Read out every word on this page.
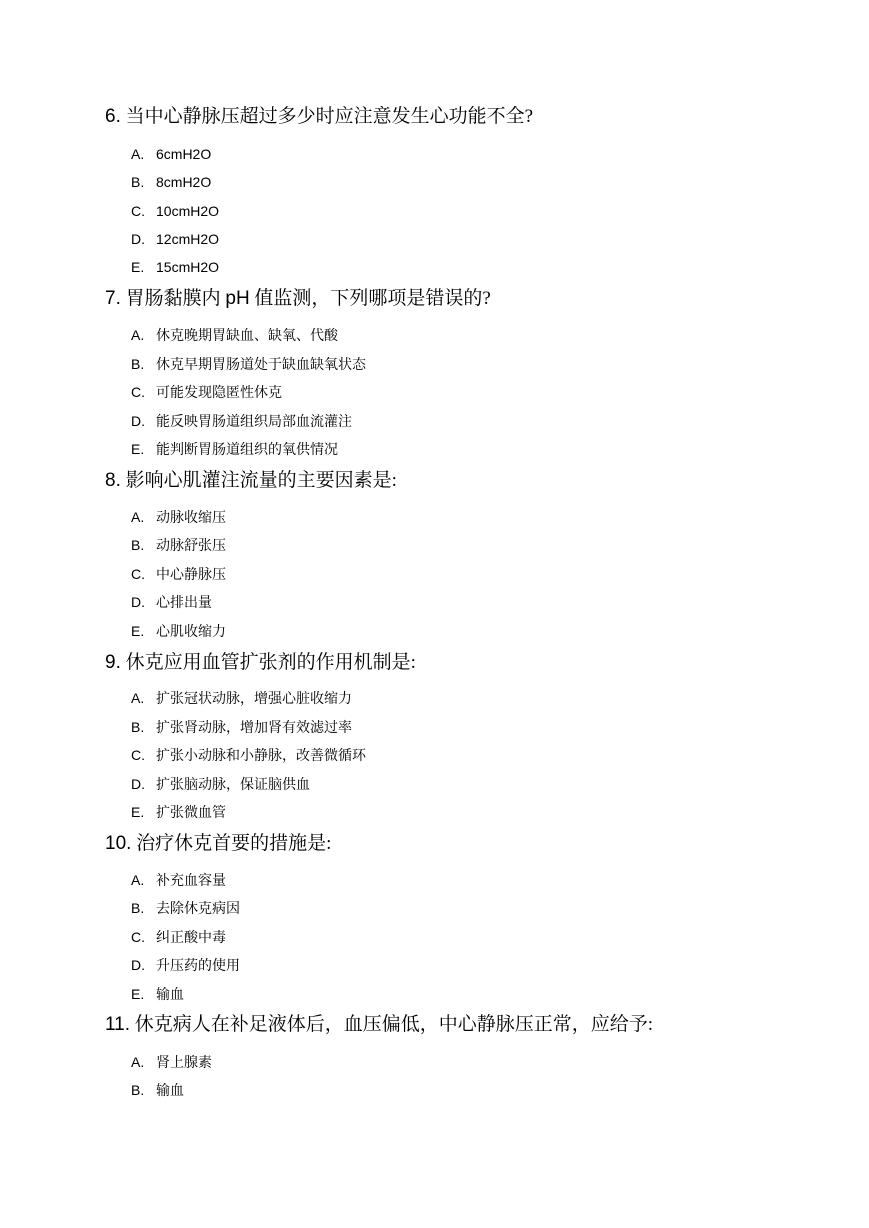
6. 当中心静脉压超过多少时应注意发生心功能不全?
A. 6cmH2O
B. 8cmH2O
C. 10cmH2O
D. 12cmH2O
E. 15cmH2O
7. 胃肠黏膜内 pH 值监测，下列哪项是错误的?
A. 休克晚期胃缺血、缺氧、代酸
B. 休克早期胃肠道处于缺血缺氧状态
C. 可能发现隐匿性休克
D. 能反映胃肠道组织局部血流灌注
E. 能判断胃肠道组织的氧供情况
8. 影响心肌灌注流量的主要因素是:
A. 动脉收缩压
B. 动脉舒张压
C. 中心静脉压
D. 心排出量
E. 心肌收缩力
9. 休克应用血管扩张剂的作用机制是:
A. 扩张冠状动脉，增强心脏收缩力
B. 扩张肾动脉，增加肾有效滤过率
C. 扩张小动脉和小静脉，改善微循环
D. 扩张脑动脉，保证脑供血
E. 扩张微血管
10. 治疗休克首要的措施是:
A. 补充血容量
B. 去除休克病因
C. 纠正酸中毒
D. 升压药的使用
E. 输血
11. 休克病人在补足液体后，血压偏低，中心静脉压正常，应给予:
A. 肾上腺素
B. 输血
